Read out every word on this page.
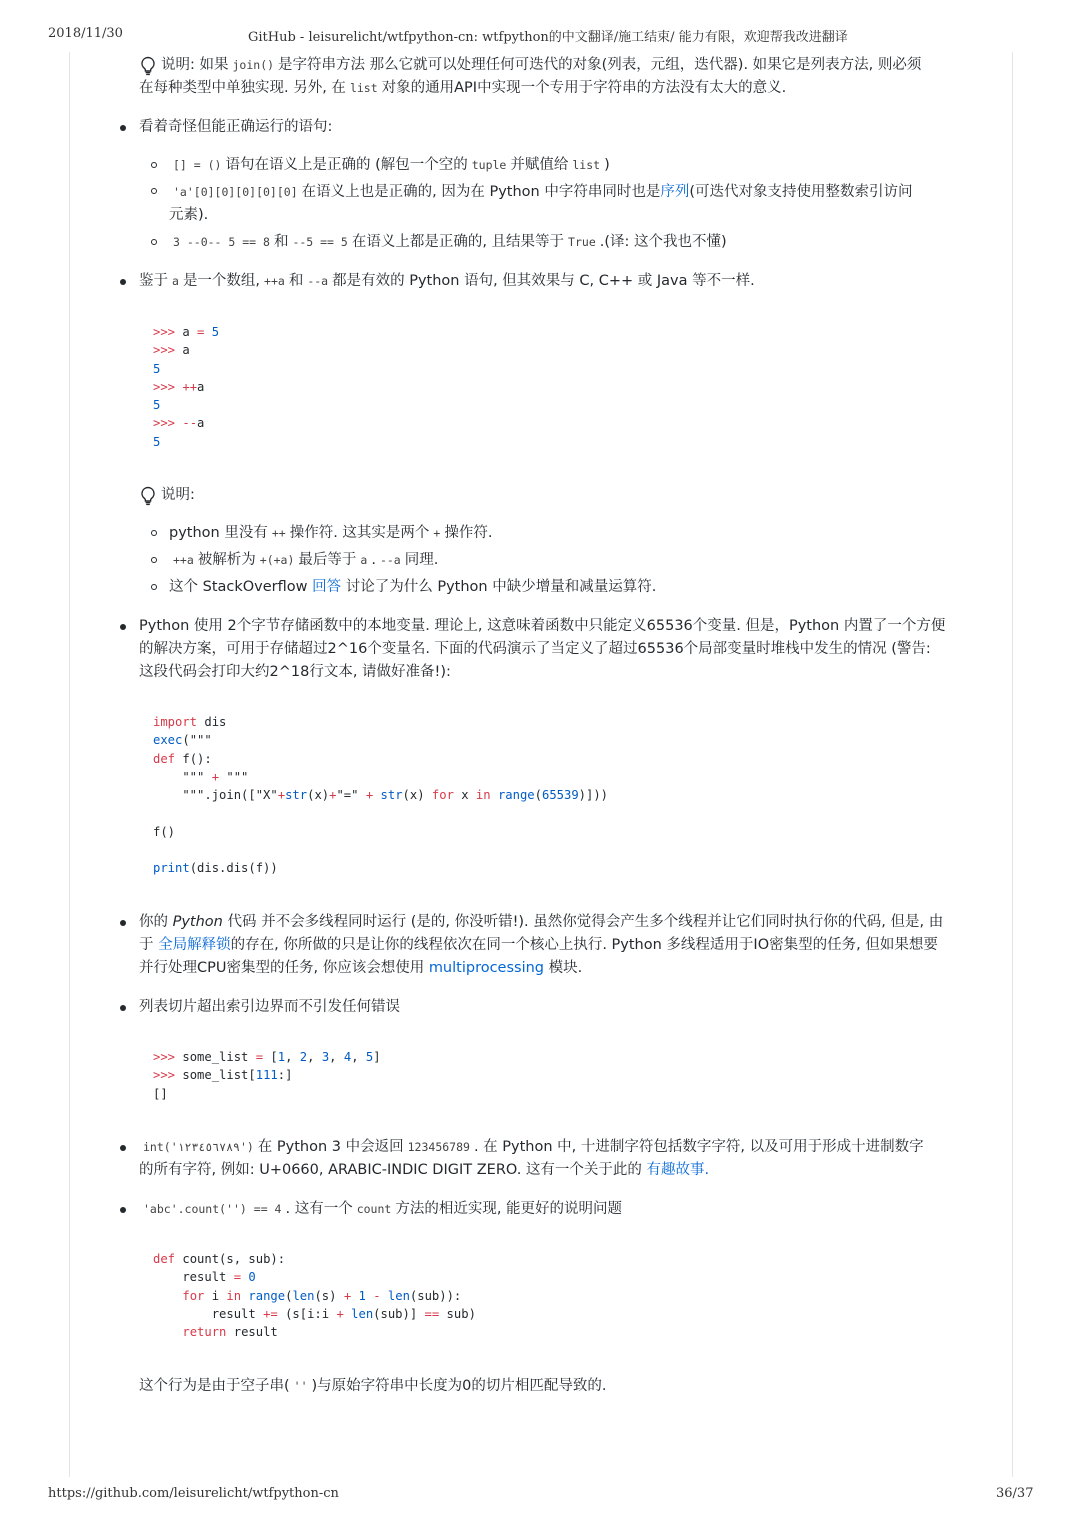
2018/11/30	GitHub - leisurelicht/wtfpython-cn: wtfpython的中文翻译/施工结束/ 能力有限，欢迎帮我改进翻译
说明: 如果 join() 是字符串方法 那么它就可以处理任何可迭代的对象(列表，元组，迭代器). 如果它是列表方法, 则必须
在每种类型中单独实现. 另外, 在 list 对象的通用API中实现一个专用于字符串的方法没有太大的意义.
看着奇怪但能正确运行的语句:
[] = () 语句在语义上是正确的 (解包一个空的 tuple 并赋值给 list )
'a'[0][0][0][0][0] 在语义上也是正确的, 因为在 Python 中字符串同时也是序列(可迭代对象支持使用整数索引访问
元素).
3 --0-- 5 == 8 和 --5 == 5 在语义上都是正确的, 且结果等于 True .(译: 这个我也不懂)
鉴于 a 是一个数组, ++a 和 --a 都是有效的 Python 语句, 但其效果与 C, C++ 或 Java 等不一样.
>>> a = 5
>>> a
5
>>> ++a
5
>>> --a
5
说明:
python 里没有 ++ 操作符. 这其实是两个 + 操作符.
++a 被解析为 +(+a) 最后等于 a . --a 同理.
这个 StackOverflow 回答 讨论了为什么 Python 中缺少增量和减量运算符.
Python 使用 2个字节存储函数中的本地变量. 理论上, 这意味着函数中只能定义65536个变量. 但是，Python 内置了一个方便
的解决方案，可用于存储超过2^16个变量名. 下面的代码演示了当定义了超过65536个局部变量时堆栈中发生的情况 (警告:
这段代码会打印大约2^18行文本, 请做好准备!):
import dis
exec("""
def f():
""" + """
""".join(["X"+str(x)+"=" + str(x) for x in range(65539)]))

f()

print(dis.dis(f))
你的 Python 代码 并不会多线程同时运行 (是的, 你没听错!). 虽然你觉得会产生多个线程并让它们同时执行你的代码, 但是, 由
于 全局解释锁的存在, 你所做的只是让你的线程依次在同一个核心上执行. Python 多线程适用于IO密集型的任务, 但如果想要
并行处理CPU密集型的任务, 你应该会想使用 multiprocessing 模块.
列表切片超出索引边界而不引发任何错误
>>> some_list = [1, 2, 3, 4, 5]
>>> some_list[111:]
[]
int('١٢٣٤٥٦٧٨٩') 在 Python 3 中会返回 123456789 . 在 Python 中, 十进制字符包括数字字符, 以及可用于形成十进制数字
的所有字符, 例如: U+0660, ARABIC-INDIC DIGIT ZERO. 这有一个关于此的 有趣故事.
'abc'.count('') == 4 . 这有一个 count 方法的相近实现, 能更好的说明问题
def count(s, sub):
result = 0
for i in range(len(s) + 1 - len(sub)):
result += (s[i:i + len(sub)] == sub)
return result
这个行为是由于空子串( '' )与原始字符串中长度为0的切片相匹配导致的.
https://github.com/leisurelicht/wtfpython-cn	36/37
